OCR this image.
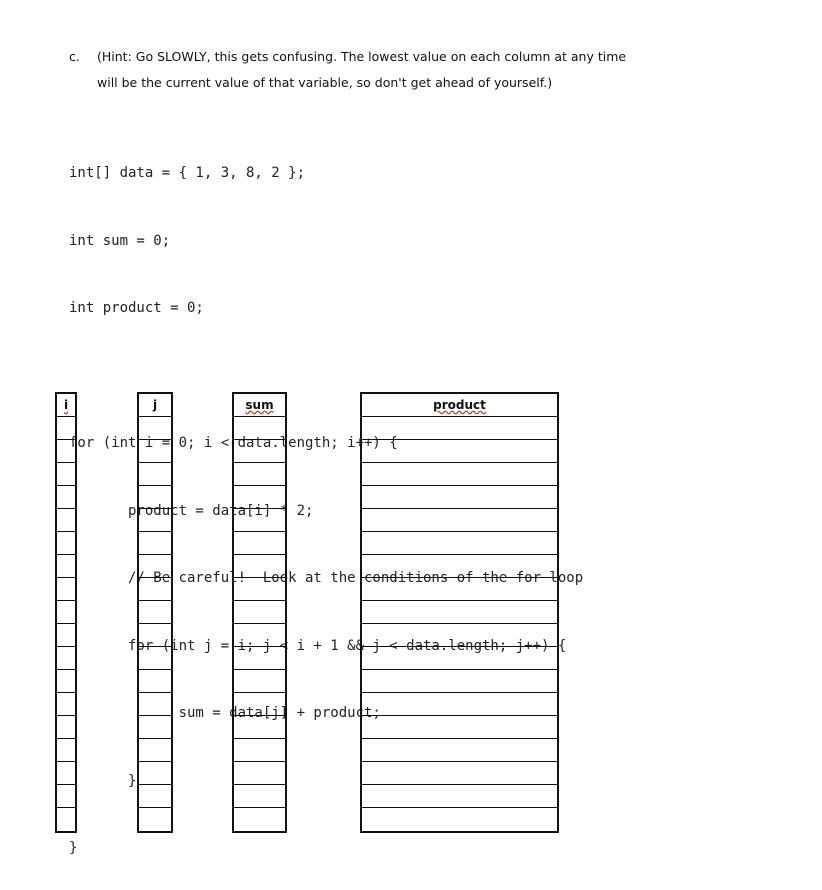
c. (Hint: Go SLOWLY, this gets confusing. The lowest value on each column at any time
will be the current value of that variable, so don't get ahead of yourself.)

int[] data = { 1, 3, 8, 2 };

int sum = 0;

int product = 0;

for (int i = 0; i < data.length; i++) {

product = data[i] * 2;

// Be careful!  Look at the conditions of the for loop

for (int j = i; j < i + 1 && j < data.length; j++) {

sum = data[j] + product;

}

}

i	j	sum	product
